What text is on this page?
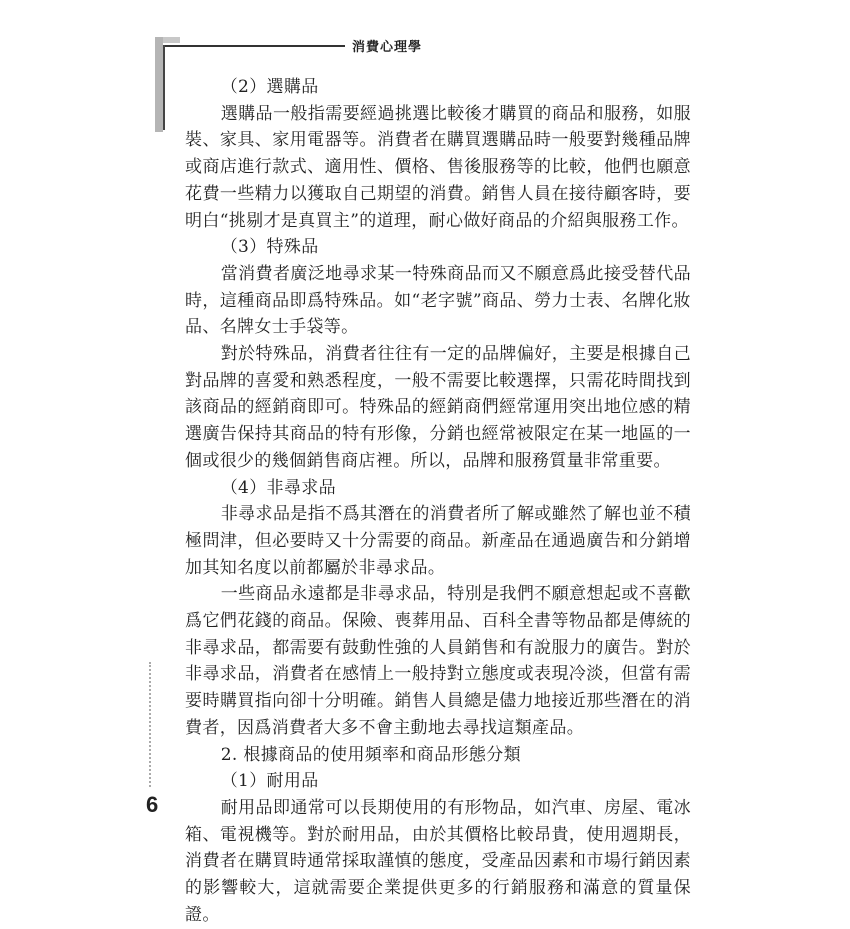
消費心理學

（2）選購品

選購品一般指需要經過挑選比較後才購買的商品和服務，如服裝、家具、家用電器等。消費者在購買選購品時一般要對幾種品牌或商店進行款式、適用性、價格、售後服務等的比較，他們也願意花費一些精力以獲取自己期望的消費。銷售人員在接待顧客時，要明白“挑剔才是真買主”的道理，耐心做好商品的介紹與服務工作。

（3）特殊品

當消費者廣泛地尋求某一特殊商品而又不願意爲此接受替代品時，這種商品即爲特殊品。如“老字號”商品、勞力士表、名牌化妝品、名牌女士手袋等。

對於特殊品，消費者往往有一定的品牌偏好，主要是根據自己對品牌的喜愛和熟悉程度，一般不需要比較選擇，只需花時間找到該商品的經銷商即可。特殊品的經銷商們經常運用突出地位感的精選廣告保持其商品的特有形像，分銷也經常被限定在某一地區的一個或很少的幾個銷售商店裡。所以，品牌和服務質量非常重要。

（4）非尋求品

非尋求品是指不爲其潛在的消費者所了解或雖然了解也並不積極問津，但必要時又十分需要的商品。新產品在通過廣告和分銷增加其知名度以前都屬於非尋求品。

一些商品永遠都是非尋求品，特別是我們不願意想起或不喜歡爲它們花錢的商品。保險、喪葬用品、百科全書等物品都是傳統的非尋求品，都需要有鼓動性強的人員銷售和有說服力的廣告。對於非尋求品，消費者在感情上一般持對立態度或表現冷淡，但當有需要時購買指向卻十分明確。銷售人員總是儘力地接近那些潛在的消費者，因爲消費者大多不會主動地去尋找這類產品。

2. 根據商品的使用頻率和商品形態分類

（1）耐用品

耐用品即通常可以長期使用的有形物品，如汽車、房屋、電冰箱、電視機等。對於耐用品，由於其價格比較昂貴，使用週期長，消費者在購買時通常採取謹慎的態度，受產品因素和市場行銷因素的影響較大，這就需要企業提供更多的行銷服務和滿意的質量保證。

6
